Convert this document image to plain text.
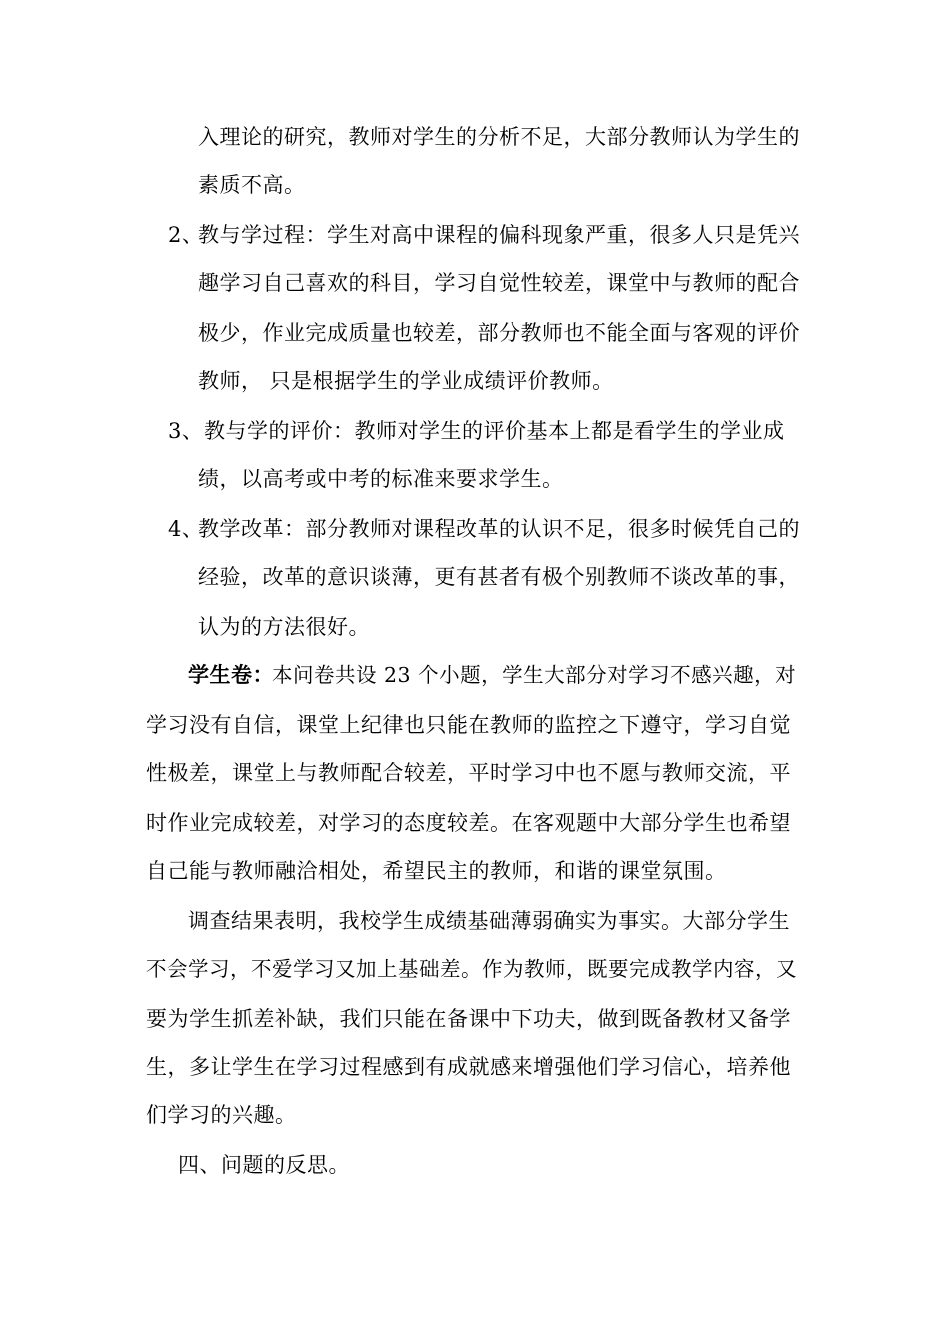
入理论的研究，教师对学生的分析不足，大部分教师认为学生的
素质不高。
2、
教与学过程：学生对高中课程的偏科现象严重，很多人只是凭兴
趣学习自己喜欢的科目，学习自觉性较差，课堂中与教师的配合
极少，作业完成质量也较差，部分教师也不能全面与客观的评价
教师， 只是根据学生的学业成绩评价教师。
3、 教与学的评价：教师对学生的评价基本上都是看学生的学业成
绩，以高考或中考的标准来要求学生。
4、
教学改革：部分教师对课程改革的认识不足，很多时候凭自己的
经验，改革的意识谈薄，更有甚者有极个别教师不谈改革的事，
认为的方法很好。
学生卷：
本问卷共设 23 个小题，学生大部分对学习不感兴趣，对
学习没有自信，课堂上纪律也只能在教师的监控之下遵守，学习自觉
性极差，课堂上与教师配合较差，平时学习中也不愿与教师交流，平
时作业完成较差，对学习的态度较差。在客观题中大部分学生也希望
自己能与教师融洽相处，希望民主的教师，和谐的课堂氛围。
调查结果表明，我校学生成绩基础薄弱确实为事实。大部分学生
不会学习，不爱学习又加上基础差。作为教师，既要完成教学内容，又
要为学生抓差补缺，我们只能在备课中下功夫，做到既备教材又备学
生，多让学生在学习过程感到有成就感来增强他们学习信心，培养他
们学习的兴趣。
四、问题的反思。
